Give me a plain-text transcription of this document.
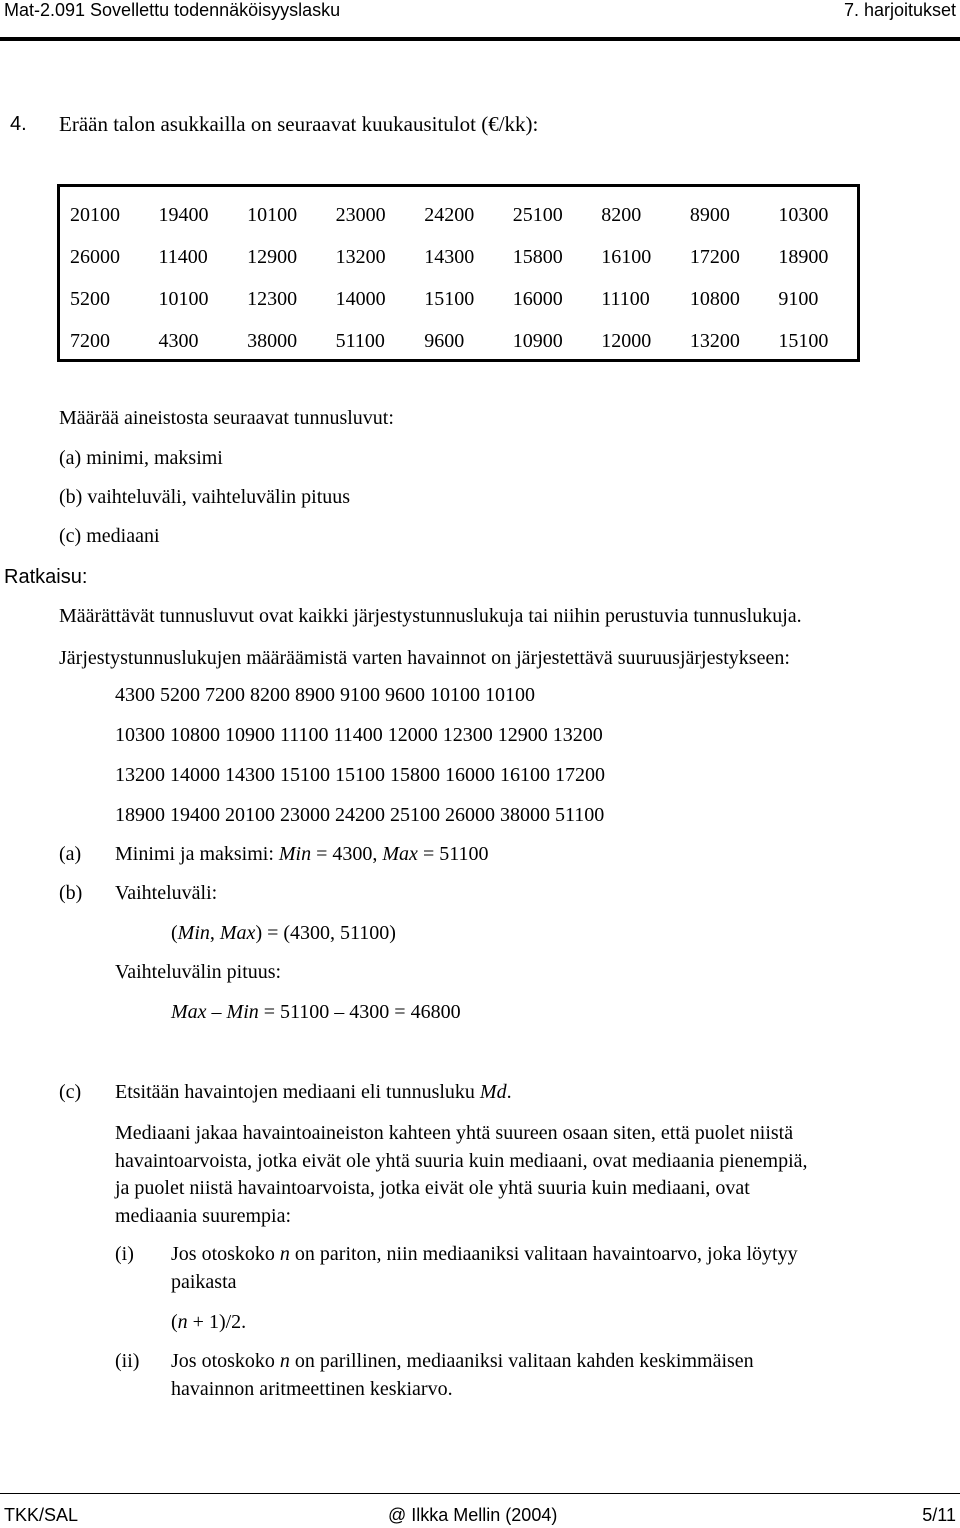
Mat-2.091 Sovellettu todennäköisyyslasku	7. harjoitukset
4. Erään talon asukkailla on seuraavat kuukausitulot (€/kk):
20100	19400	10100	23000	24200	25100	8200	8900	10300
26000	11400	12900	13200	14300	15800	16100	17200	18900
5200	10100	12300	14000	15100	16000	11100	10800	9100
7200	4300	38000	51100	9600	10900	12000	13200	15100
Määrää aineistosta seuraavat tunnusluvut:
(a) minimi, maksimi
(b) vaihteluväli, vaihteluvälin pituus
(c) mediaani
Ratkaisu:
Määrättävät tunnusluvut ovat kaikki järjestystunnuslukuja tai niihin perustuvia tunnuslukuja.
Järjestystunnuslukujen määräämistä varten havainnot on järjestettävä suuruusjärjestykseen:
4300 5200 7200 8200 8900 9100 9600 10100 10100
10300 10800 10900 11100 11400 12000 12300 12900 13200
13200 14000 14300 15100 15100 15800 16000 16100 17200
18900 19400 20100 23000 24200 25100 26000 38000 51100
(a) Minimi ja maksimi: Min = 4300, Max = 51100
(b) Vaihteluväli:
(Min, Max) = (4300, 51100)
Vaihteluvälin pituus:
Max – Min = 51100 – 4300 = 46800
(c) Etsitään havaintojen mediaani eli tunnusluku Md.
Mediaani jakaa havaintoaineiston kahteen yhtä suureen osaan siten, että puolet niistä
havaintoarvoista, jotka eivät ole yhtä suuria kuin mediaani, ovat mediaania pienempiä,
ja puolet niistä havaintoarvoista, jotka eivät ole yhtä suuria kuin mediaani, ovat
mediaania suurempia:
(i) Jos otoskoko n on pariton, niin mediaaniksi valitaan havaintoarvo, joka löytyy
paikasta
(n + 1)/2.
(ii) Jos otoskoko n on parillinen, mediaaniksi valitaan kahden keskimmäisen
havainnon aritmeettinen keskiarvo.
TKK/SAL	@ Ilkka Mellin (2004)	5/11
